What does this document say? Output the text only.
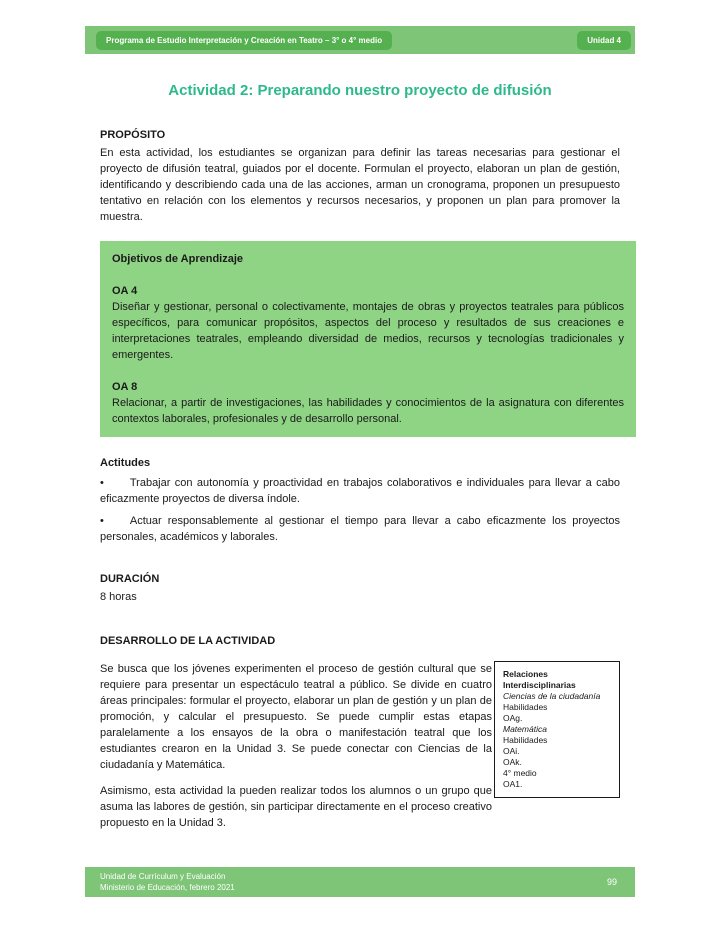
Programa de Estudio Interpretación y Creación en Teatro – 3° o 4° medio	Unidad 4
Actividad 2: Preparando nuestro proyecto de difusión
PROPÓSITO

En esta actividad, los estudiantes se organizan para definir las tareas necesarias para gestionar el proyecto de difusión teatral, guiados por el docente. Formulan el proyecto, elaboran un plan de gestión, identificando y describiendo cada una de las acciones, arman un cronograma, proponen un presupuesto tentativo en relación con los elementos y recursos necesarios, y proponen un plan para promover la muestra.

Objetivos de Aprendizaje
OA 4

Diseñar y gestionar, personal o colectivamente, montajes de obras y proyectos teatrales para públicos específicos, para comunicar propósitos, aspectos del proceso y resultados de sus creaciones e interpretaciones teatrales, empleando diversidad de medios, recursos y tecnologías tradicionales y emergentes.

OA 8

Relacionar, a partir de investigaciones, las habilidades y conocimientos de la asignatura con diferentes contextos laborales, profesionales y de desarrollo personal.

Actitudes
• Trabajar con autonomía y proactividad en trabajos colaborativos e individuales para llevar a cabo eficazmente proyectos de diversa índole.
• Actuar responsablemente al gestionar el tiempo para llevar a cabo eficazmente los proyectos personales, académicos y laborales.
DURACIÓN
8 horas
DESARROLLO DE LA ACTIVIDAD

Se busca que los jóvenes experimenten el proceso de gestión cultural que se requiere para presentar un espectáculo teatral a público. Se divide en cuatro áreas principales: formular el proyecto, elaborar un plan de gestión y un plan de promoción, y calcular el presupuesto. Se puede cumplir estas etapas paralelamente a los ensayos de la obra o manifestación teatral que los estudiantes crearon en la Unidad 3. Se puede conectar con Ciencias de la ciudadanía y Matemática.

Asimismo, esta actividad la pueden realizar todos los alumnos o un grupo que asuma las labores de gestión, sin participar directamente en el proceso creativo propuesto en la Unidad 3.

Relaciones Interdisciplinarias
Ciencias de la ciudadanía
Habilidades
OAg.
Matemática
Habilidades
OAi.
OAk.
4° medio
OA1.
Unidad de Currículum y Evaluación
Ministerio de Educación, febrero 2021
99
